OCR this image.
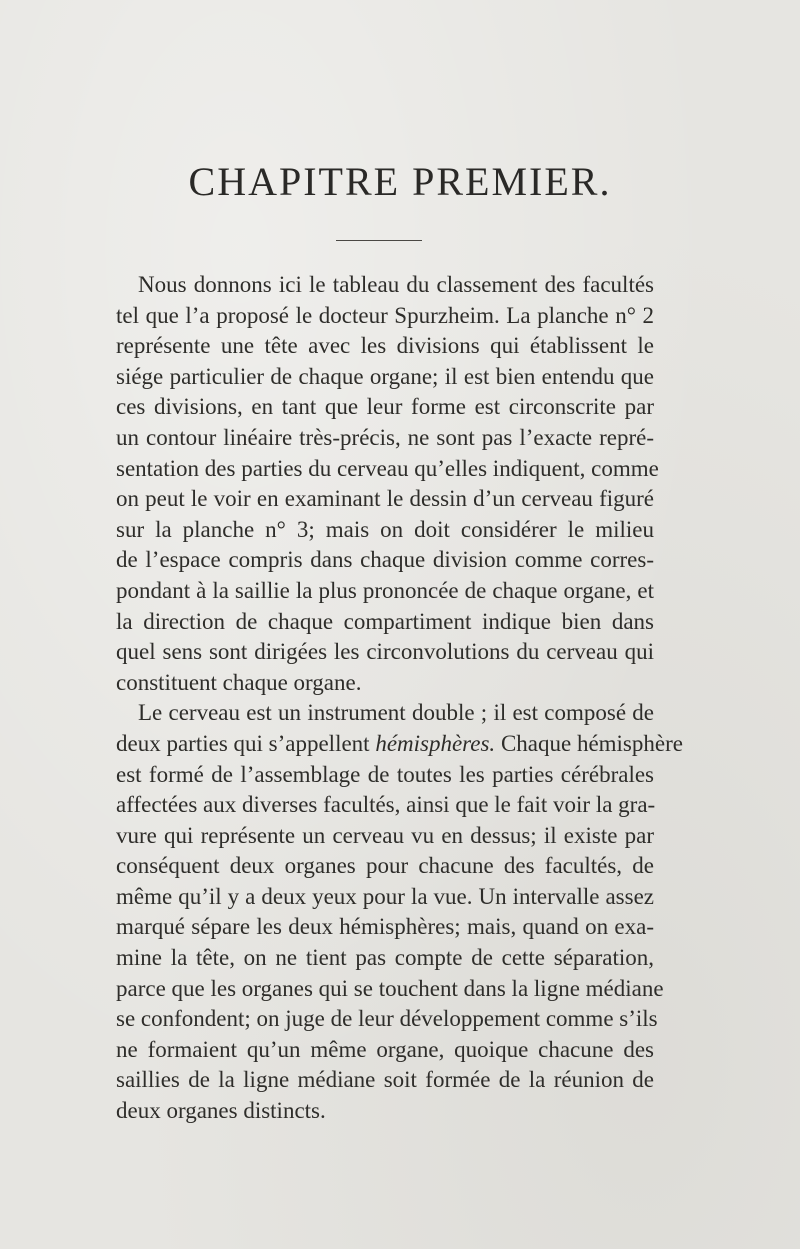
CHAPITRE PREMIER.
Nous donnons ici le tableau du classement des facultés
tel que l’a proposé le docteur Spurzheim. La planche n° 2
représente une tête avec les divisions qui établissent le
siége particulier de chaque organe; il est bien entendu que
ces divisions, en tant que leur forme est circonscrite par
un contour linéaire très-précis, ne sont pas l’exacte repré-
sentation des parties du cerveau qu’elles indiquent, comme
on peut le voir en examinant le dessin d’un cerveau figuré
sur la planche n° 3; mais on doit considérer le milieu
de l’espace compris dans chaque division comme corres-
pondant à la saillie la plus prononcée de chaque organe, et
la direction de chaque compartiment indique bien dans
quel sens sont dirigées les circonvolutions du cerveau qui
constituent chaque organe.
Le cerveau est un instrument double ; il est composé de
deux parties qui s’appellent hémisphères. Chaque hémisphère
est formé de l’assemblage de toutes les parties cérébrales
affectées aux diverses facultés, ainsi que le fait voir la gra-
vure qui représente un cerveau vu en dessus; il existe par
conséquent deux organes pour chacune des facultés, de
même qu’il y a deux yeux pour la vue. Un intervalle assez
marqué sépare les deux hémisphères; mais, quand on exa-
mine la tête, on ne tient pas compte de cette séparation,
parce que les organes qui se touchent dans la ligne médiane
se confondent; on juge de leur développement comme s’ils
ne formaient qu’un même organe, quoique chacune des
saillies de la ligne médiane soit formée de la réunion de
deux organes distincts.
